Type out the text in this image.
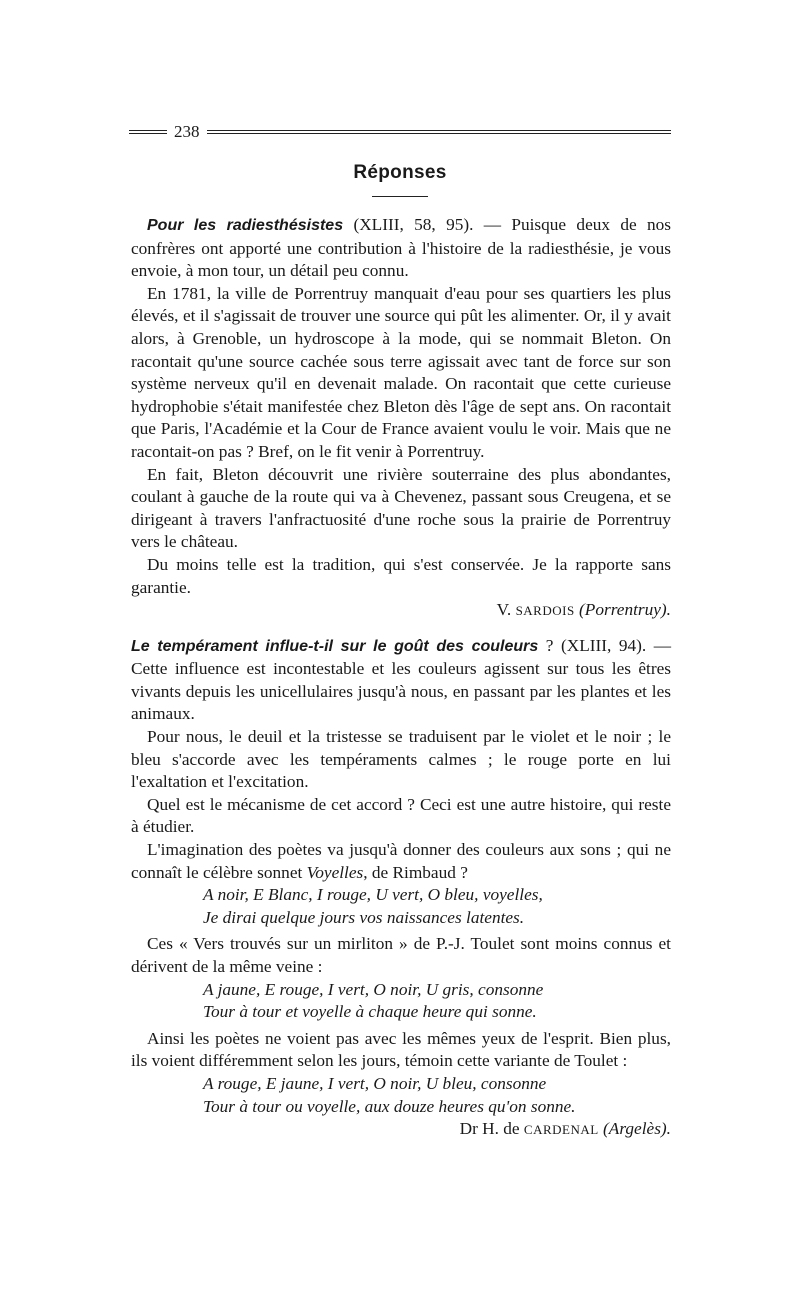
238
Réponses

Pour les radiesthésistes (XLIII, 58, 95). — Puisque deux de nos confrères ont apporté une contribution à l'histoire de la radiesthésie, je vous envoie, à mon tour, un détail peu connu.

En 1781, la ville de Porrentruy manquait d'eau pour ses quartiers les plus élevés, et il s'agissait de trouver une source qui pût les alimenter. Or, il y avait alors, à Grenoble, un hydroscope à la mode, qui se nommait Bleton. On racontait qu'une source cachée sous terre agissait avec tant de force sur son système nerveux qu'il en devenait malade. On racontait que cette curieuse hydrophobie s'était manifestée chez Bleton dès l'âge de sept ans. On racontait que Paris, l'Académie et la Cour de France avaient voulu le voir. Mais que ne racontait-on pas ? Bref, on le fit venir à Porrentruy.

En fait, Bleton découvrit une rivière souterraine des plus abondantes, coulant à gauche de la route qui va à Chevenez, passant sous Creugena, et se dirigeant à travers l'anfractuosité d'une roche sous la prairie de Porrentruy vers le château.

Du moins telle est la tradition, qui s'est conservée. Je la rapporte sans garantie.

V. SARDOIS (Porrentruy).

Le tempérament influe-t-il sur le goût des couleurs ? (XLIII, 94). — Cette influence est incontestable et les couleurs agissent sur tous les êtres vivants depuis les unicellulaires jusqu'à nous, en passant par les plantes et les animaux.

Pour nous, le deuil et la tristesse se traduisent par le violet et le noir ; le bleu s'accorde avec les tempéraments calmes ; le rouge porte en lui l'exaltation et l'excitation.

Quel est le mécanisme de cet accord ? Ceci est une autre histoire, qui reste à étudier.

L'imagination des poètes va jusqu'à donner des couleurs aux sons ; qui ne connaît le célèbre sonnet Voyelles, de Rimbaud ?

A noir, E Blanc, I rouge, U vert, O bleu, voyelles,
Je dirai quelque jours vos naissances latentes.

Ces « Vers trouvés sur un mirliton » de P.-J. Toulet sont moins connus et dérivent de la même veine :

A jaune, E rouge, I vert, O noir, U gris, consonne
Tour à tour et voyelle à chaque heure qui sonne.

Ainsi les poètes ne voient pas avec les mêmes yeux de l'esprit. Bien plus, ils voient différemment selon les jours, témoin cette variante de Toulet :

A rouge, E jaune, I vert, O noir, U bleu, consonne
Tour à tour ou voyelle, aux douze heures qu'on sonne.
Dr H. de CARDENAL (Argelès).
